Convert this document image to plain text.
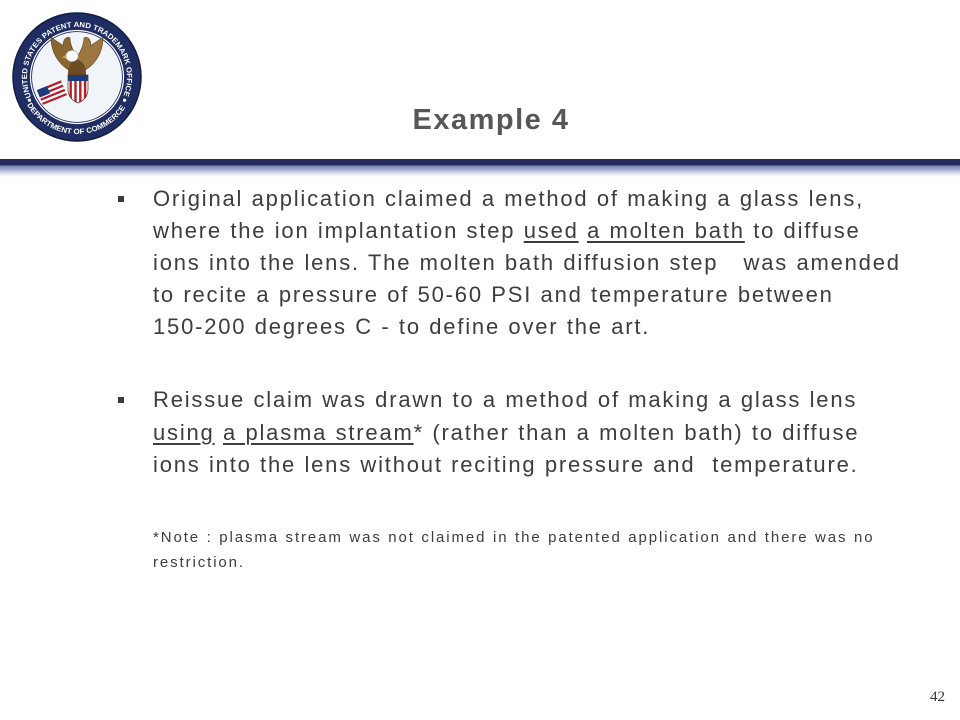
UNITED STATES PATENT AND TRADEMARK OFFICE
DEPARTMENT OF COMMERCE	Example 4
Original application claimed a method of making a glass lens,
where the ion implantation step used a molten bath to diffuse
ions into the lens. The molten bath diffusion step   was amended
to recite a pressure of 50-60 PSI and temperature between
150-200 degrees C - to define over the art.
Reissue claim was drawn to a method of making a glass lens
using a plasma stream* (rather than a molten bath) to diffuse
ions into the lens without reciting pressure and  temperature.
*Note : plasma stream was not claimed in the patented application and there was no
restriction.
42
